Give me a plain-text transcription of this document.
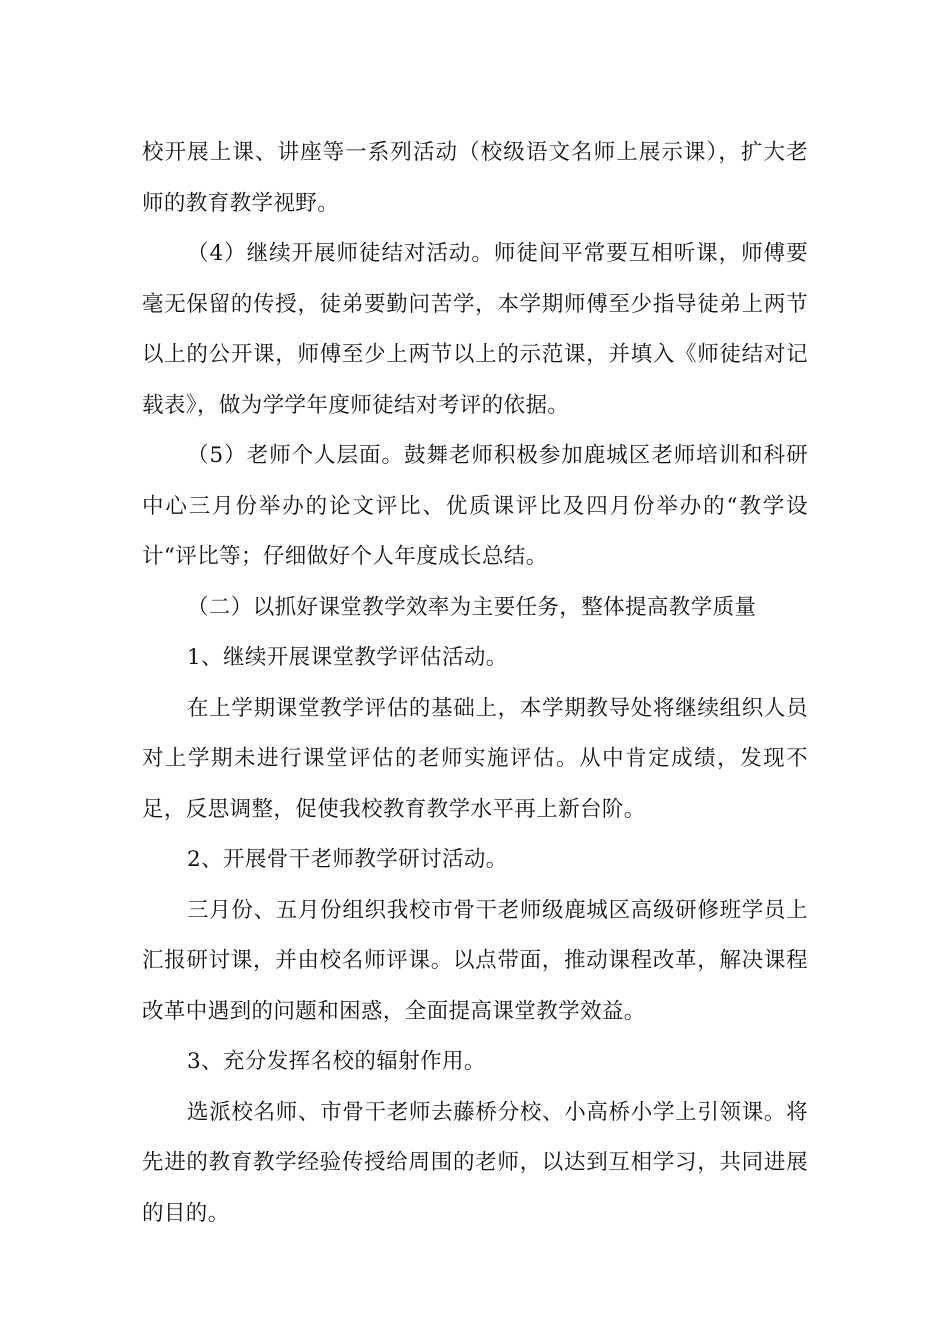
校开展上课、讲座等一系列活动（校级语文名师上展示课），扩大老师的教育教学视野。

（4）继续开展师徒结对活动。师徒间平常要互相听课，师傅要毫无保留的传授，徒弟要勤问苦学，本学期师傅至少指导徒弟上两节以上的公开课，师傅至少上两节以上的示范课，并填入《师徒结对记载表》，做为学学年度师徒结对考评的依据。

（5）老师个人层面。鼓舞老师积极参加鹿城区老师培训和科研中心三月份举办的论文评比、优质课评比及四月份举办的“教学设计“评比等；仔细做好个人年度成长总结。

（二）以抓好课堂教学效率为主要任务，整体提高教学质量

1、继续开展课堂教学评估活动。

在上学期课堂教学评估的基础上，本学期教导处将继续组织人员对上学期未进行课堂评估的老师实施评估。从中肯定成绩，发现不足，反思调整，促使我校教育教学水平再上新台阶。

2、开展骨干老师教学研讨活动。

三月份、五月份组织我校市骨干老师级鹿城区高级研修班学员上汇报研讨课，并由校名师评课。以点带面，推动课程改革，解决课程改革中遇到的问题和困惑，全面提高课堂教学效益。

3、充分发挥名校的辐射作用。

选派校名师、市骨干老师去藤桥分校、小高桥小学上引领课。将先进的教育教学经验传授给周围的老师，以达到互相学习，共同进展的目的。
